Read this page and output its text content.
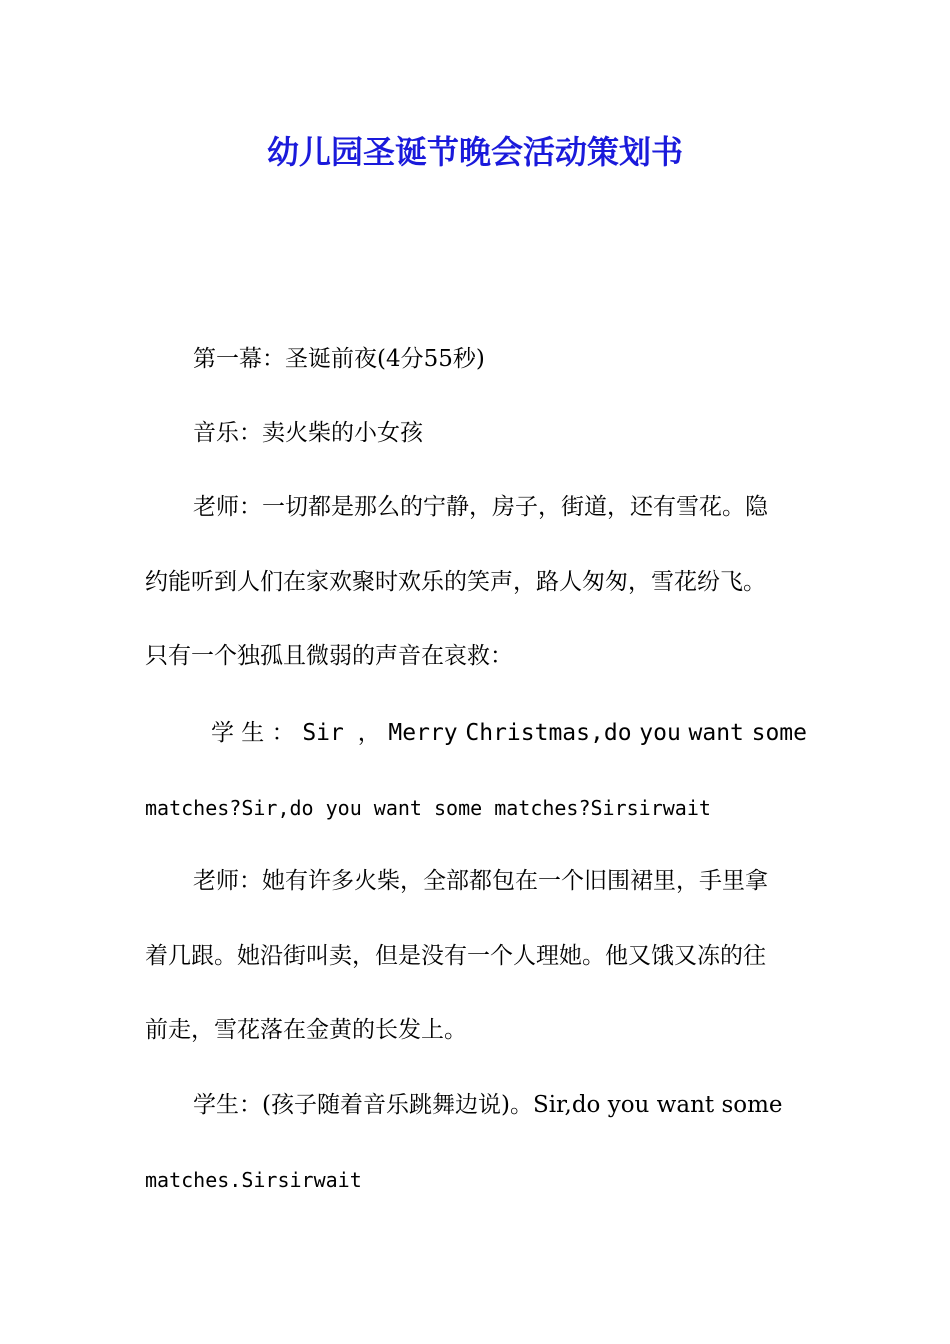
幼儿园圣诞节晚会活动策划书
第一幕：圣诞前夜(4分55秒)
音乐：卖火柴的小女孩
老师：一切都是那么的宁静，房子，街道，还有雪花。隐
约能听到人们在家欢聚时欢乐的笑声，路人匆匆，雪花纷飞。
只有一个独孤且微弱的声音在哀救：
学 生 ： Sir ， Merry Christmas,do you want some
matches?Sir,do you want some matches?Sirsirwait
老师：她有许多火柴，全部都包在一个旧围裙里，手里拿
着几跟。她沿街叫卖，但是没有一个人理她。他又饿又冻的往
前走，雪花落在金黄的长发上。
学生：(孩子随着音乐跳舞边说)。Sir,do you want some
matches.Sirsirwait
